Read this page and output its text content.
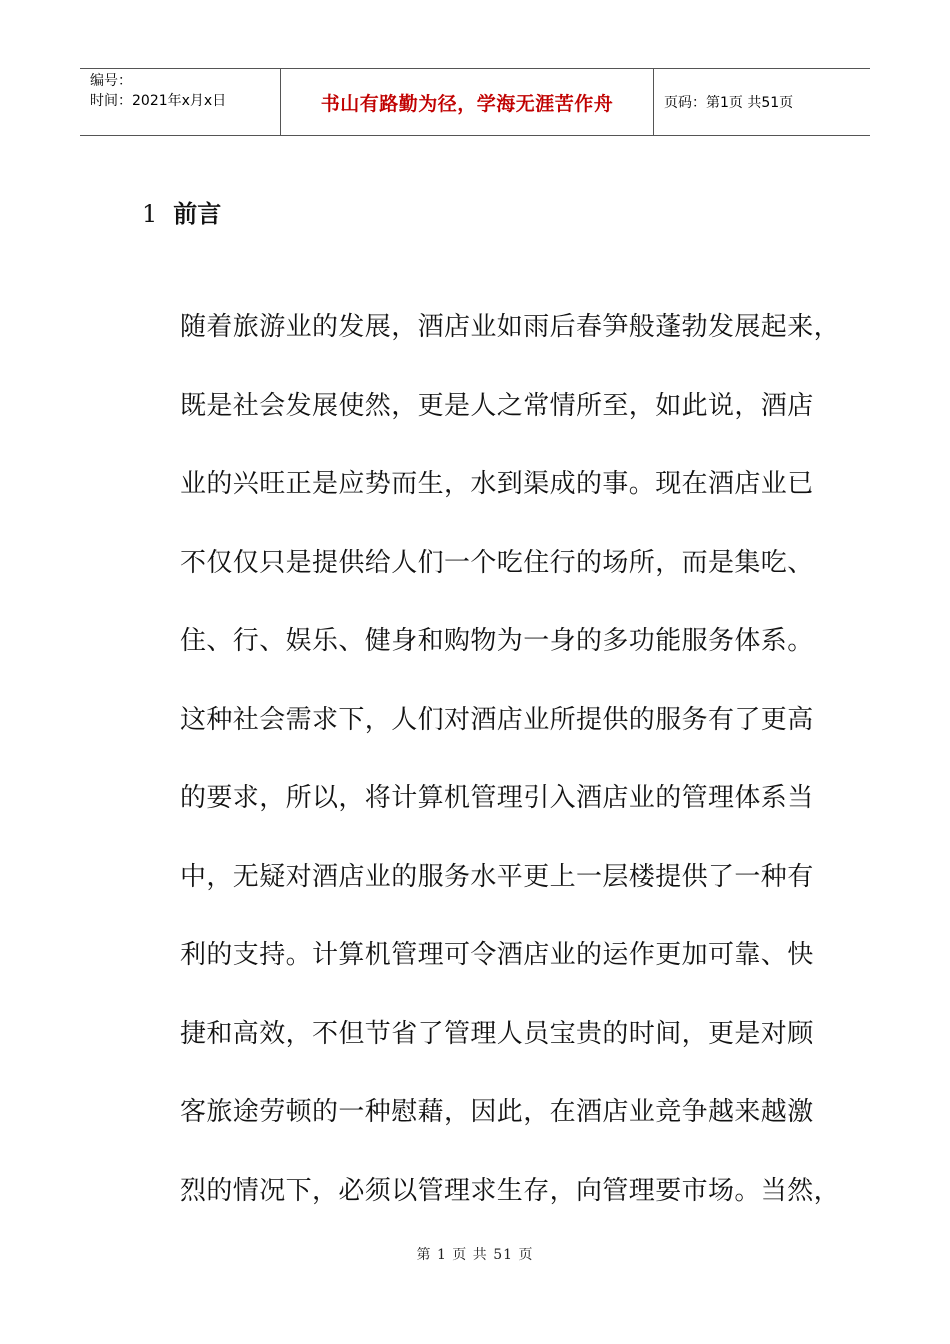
编号：
时间：2021年x月x日	书山有路勤为径，学海无涯苦作舟	页码：第1页 共51页
1 前言
随着旅游业的发展，酒店业如雨后春笋般蓬勃发展起来，
既是社会发展使然，更是人之常情所至，如此说，酒店
业的兴旺正是应势而生，水到渠成的事。现在酒店业已
不仅仅只是提供给人们一个吃住行的场所，而是集吃、
住、行、娱乐、健身和购物为一身的多功能服务体系。
这种社会需求下，人们对酒店业所提供的服务有了更高
的要求，所以，将计算机管理引入酒店业的管理体系当
中，无疑对酒店业的服务水平更上一层楼提供了一种有
利的支持。计算机管理可令酒店业的运作更加可靠、快
捷和高效，不但节省了管理人员宝贵的时间，更是对顾
客旅途劳顿的一种慰藉，因此，在酒店业竞争越来越激
烈的情况下，必须以管理求生存，向管理要市场。当然，
第 1 页 共 51 页
